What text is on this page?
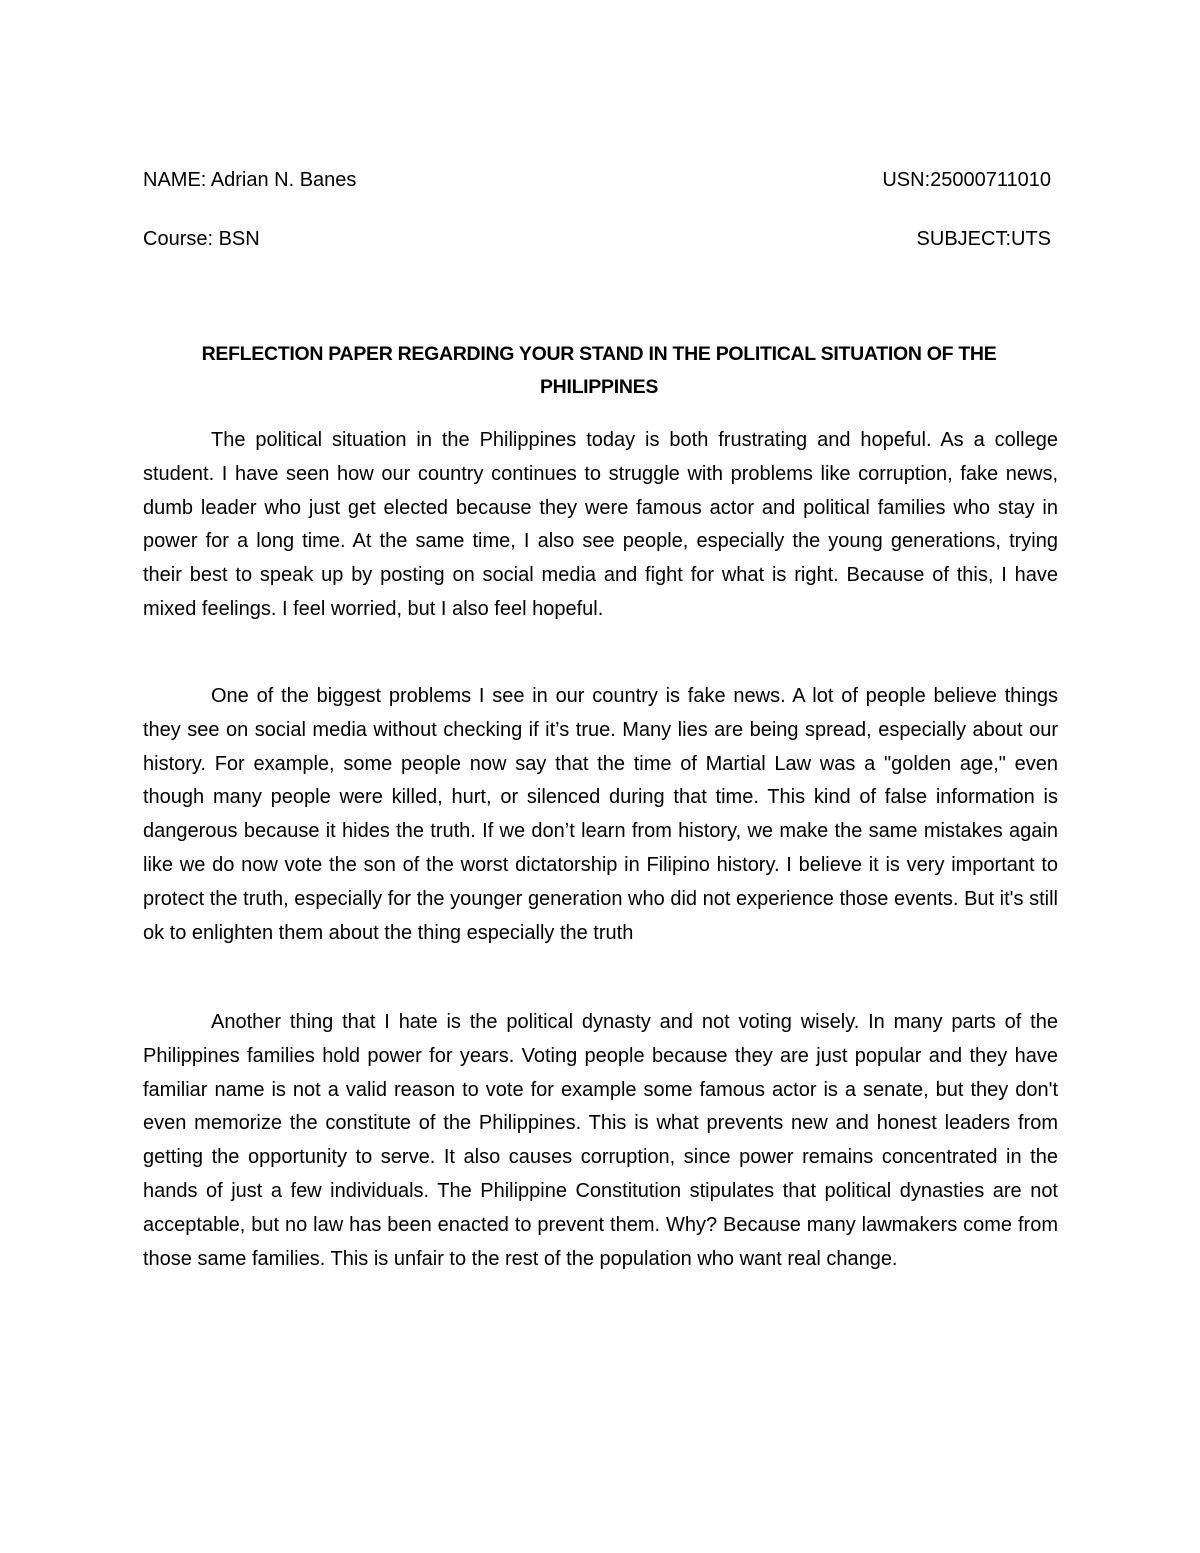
NAME: Adrian N. Banes	USN:25000711010
Course: BSN	SUBJECT:UTS
REFLECTION PAPER REGARDING YOUR STAND IN THE POLITICAL SITUATION OF THE PHILIPPINES

The political situation in the Philippines today is both frustrating and hopeful. As a college student. I have seen how our country continues to struggle with problems like corruption, fake news, dumb leader who just get elected because they were famous actor and political families who stay in power for a long time. At the same time, I also see people, especially the young generations, trying their best to speak up by posting on social media and fight for what is right. Because of this, I have mixed feelings. I feel worried, but I also feel hopeful.

One of the biggest problems I see in our country is fake news. A lot of people believe things they see on social media without checking if it’s true. Many lies are being spread, especially about our history. For example, some people now say that the time of Martial Law was a "golden age," even though many people were killed, hurt, or silenced during that time. This kind of false information is dangerous because it hides the truth. If we don’t learn from history, we make the same mistakes again like we do now vote the son of the worst dictatorship in Filipino history. I believe it is very important to protect the truth, especially for the younger generation who did not experience those events. But it's still ok to enlighten them about the thing especially the truth

Another thing that I hate is the political dynasty and not voting wisely. In many parts of the Philippines families hold power for years. Voting people because they are just popular and they have familiar name is not a valid reason to vote for example some famous actor is a senate, but they don't even memorize the constitute of the Philippines. This is what prevents new and honest leaders from getting the opportunity to serve. It also causes corruption, since power remains concentrated in the hands of just a few individuals. The Philippine Constitution stipulates that political dynasties are not acceptable, but no law has been enacted to prevent them. Why? Because many lawmakers come from those same families. This is unfair to the rest of the population who want real change.
